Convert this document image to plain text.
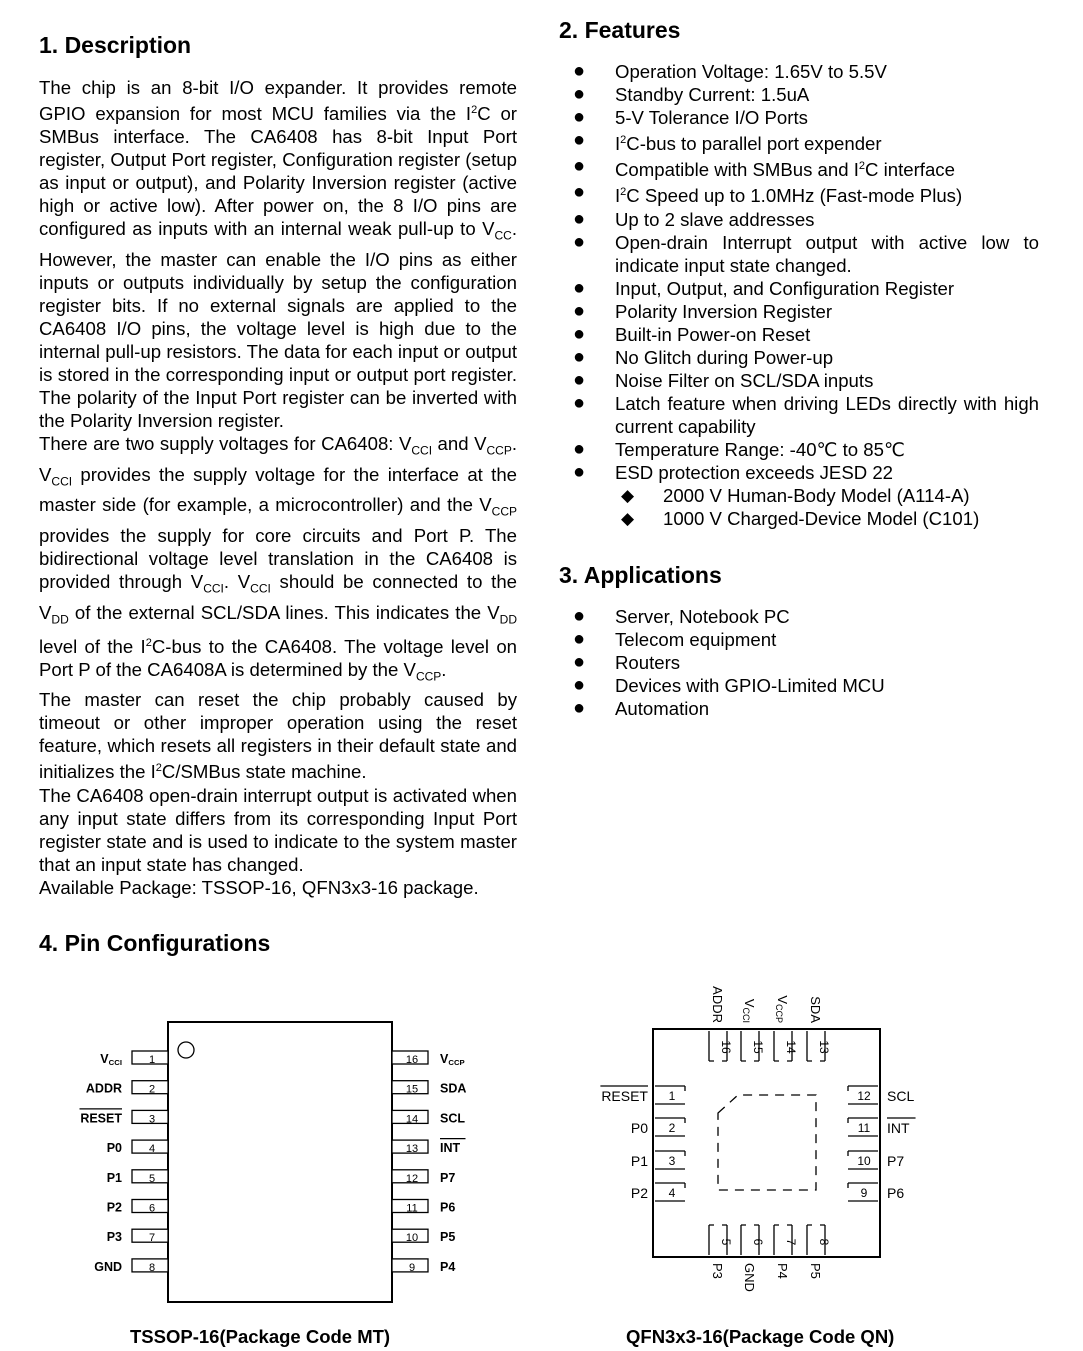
1. Description

The chip is an 8-bit I/O expander. It provides remote GPIO expansion for most MCU families via the $I^2C$ or SMBus interface. The CA6408 has 8-bit Input Port register, Output Port register, Configuration register (setup as input or output), and Polarity Inversion register (active high or active low). After power on, the 8 I/O pins are configured as inputs with an internal weak pull-up to $V_{CC}$. However, the master can enable the I/O pins as either inputs or outputs individually by setup the configuration register bits. If no external signals are applied to the CA6408 I/O pins, the voltage level is high due to the internal pull-up resistors. The data for each input or output is stored in the corresponding input or output port register. The polarity of the Input Port register can be inverted with the Polarity Inversion register.

There are two supply voltages for CA6408: $V_{CCI}$ and $V_{CCP}$. $V_{CCI}$ provides the supply voltage for the interface at the master side (for example, a microcontroller) and the $V_{CCP}$ provides the supply for core circuits and Port P. The bidirectional voltage level translation in the CA6408 is provided through $V_{CCI}$. $V_{CCI}$ should be connected to the $V_{DD}$ of the external SCL/SDA lines. This indicates the $V_{DD}$ level of the $I^2C$-bus to the CA6408. The voltage level on Port P of the CA6408A is determined by the $V_{CCP}$.

The master can reset the chip probably caused by timeout or other improper operation using the reset feature, which resets all registers in their default state and initializes the $I^2C$/SMBus state machine.

The CA6408 open-drain interrupt output is activated when any input state differs from its corresponding Input Port register state and is used to indicate to the system master that an input state has changed.

Available Package: TSSOP-16, QFN3x3-16 package.

2. Features
● Operation Voltage: 1.65V to 5.5V
● Standby Current: 1.5uA
● 5-V Tolerance I/O Ports
● $I^2C$-bus to parallel port expender
● Compatible with SMBus and $I^2C$ interface
● $I^2C$ Speed up to 1.0MHz (Fast-mode Plus)
● Up to 2 slave addresses
● Open-drain Interrupt output with active low to indicate input state changed.
● Input, Output, and Configuration Register
● Polarity Inversion Register
● Built-in Power-on Reset
● No Glitch during Power-up
● Noise Filter on SCL/SDA inputs
● Latch feature when driving LEDs directly with high current capability
● Temperature Range: -40℃ to 85℃
● ESD protection exceeds JESD 22
◆ 2000 V Human-Body Model (A114-A)
◆ 1000 V Charged-Device Model (C101)
3. Applications
● Server, Notebook PC
● Telecom equipment
● Routers
● Devices with GPIO-Limited MCU
● Automation
4. Pin Configurations
1
VCCI
2
ADDR
3
RESET
4
P0
5
P1
6
P2
7
P3
8
GND
16 VCCP
15 SDA
14 SCL
13 INT
12 P7
11 P6
10 P5
9 P4

TSSOP-16(Package Code MT)

1
RESET
2
P0
3
P1
4
P2
12 SCL
11 INT
10 P7
9 P6
5
P3
6
GND
7
P4
8
P5
16
ADDR
15
VCCI
14
VCCP
13
SDA

QFN3x3-16(Package Code QN)
